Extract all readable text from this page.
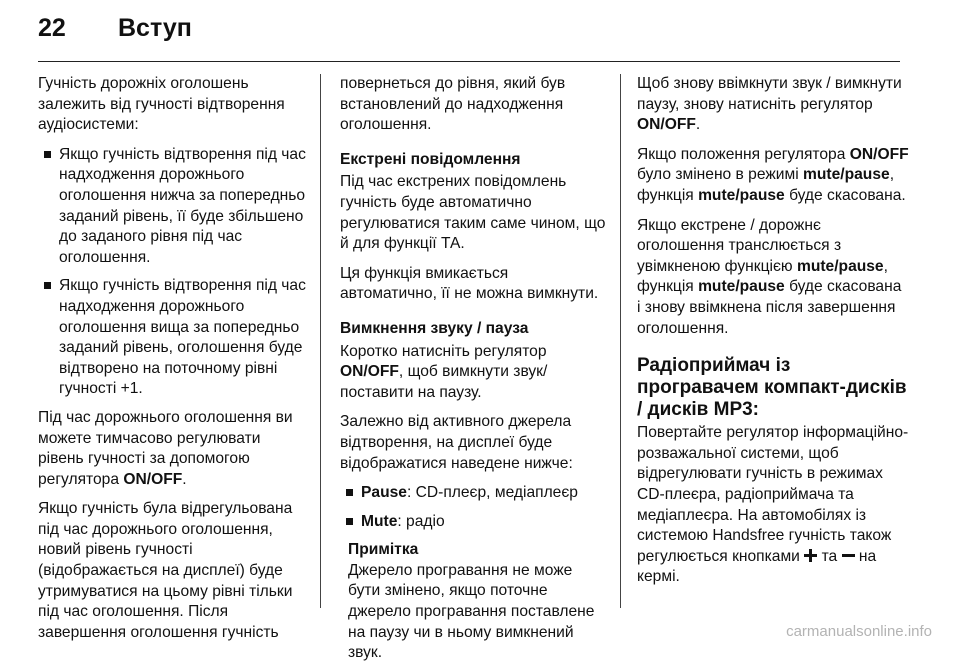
22 Вступ

Гучність дорожніх оголошень залежить від гучності відтворення аудіосистеми:

Якщо гучність відтворення під час надходження дорожнього оголошення нижча за попередньо заданий рівень, її буде збільшено до заданого рівня під час оголошення.
Якщо гучність відтворення під час надходження дорожнього оголошення вища за попередньо заданий рівень, оголошення буде відтворено на поточному рівні гучності +1.

Під час дорожнього оголошення ви можете тимчасово регулювати рівень гучності за допомогою регулятора ON/OFF.

Якщо гучність була відрегульована під час дорожнього оголошення, новий рівень гучності (відображається на дисплеї) буде утримуватися на цьому рівні тільки під час оголошення. Після завершення оголошення гучність

повернеться до рівня, який був встановлений до надходження оголошення.

Екстрені повідомлення

Під час екстрених повідомлень гучність буде автоматично регулюватися таким саме чином, що й для функції ТА.

Ця функція вмикається автоматично, її не можна вимкнути.

Вимкнення звуку / пауза

Коротко натисніть регулятор ON/OFF, щоб вимкнути звук/поставити на паузу.

Залежно від активного джерела відтворення, на дисплеї буде відображатися наведене нижче:

Pause: CD-плеєр, медіаплеєр
Mute: радіо
Примітка
Джерело програвання не може бути змінено, якщо поточне джерело програвання поставлене на паузу чи в ньому вимкнений звук.

Щоб знову ввімкнути звук / вимкнути паузу, знову натисніть регулятор ON/OFF.

Якщо положення регулятора ON/OFF було змінено в режимі mute/pause, функція mute/pause буде скасована.

Якщо екстрене / дорожнє оголошення транслюється з увімкненою функцією mute/pause, функція mute/pause буде скасована і знову ввімкнена після завершення оголошення.

Радіоприймач із програвачем компакт-дисків / дисків MP3:

Повертайте регулятор інформаційно-розважальної системи, щоб відрегулювати гучність в режимах CD-плеєра, радіоприймача та медіаплеєра. На автомобілях із системою Handsfree гучність також регулюється кнопками  та  на кермі.

carmanualsonline.info
